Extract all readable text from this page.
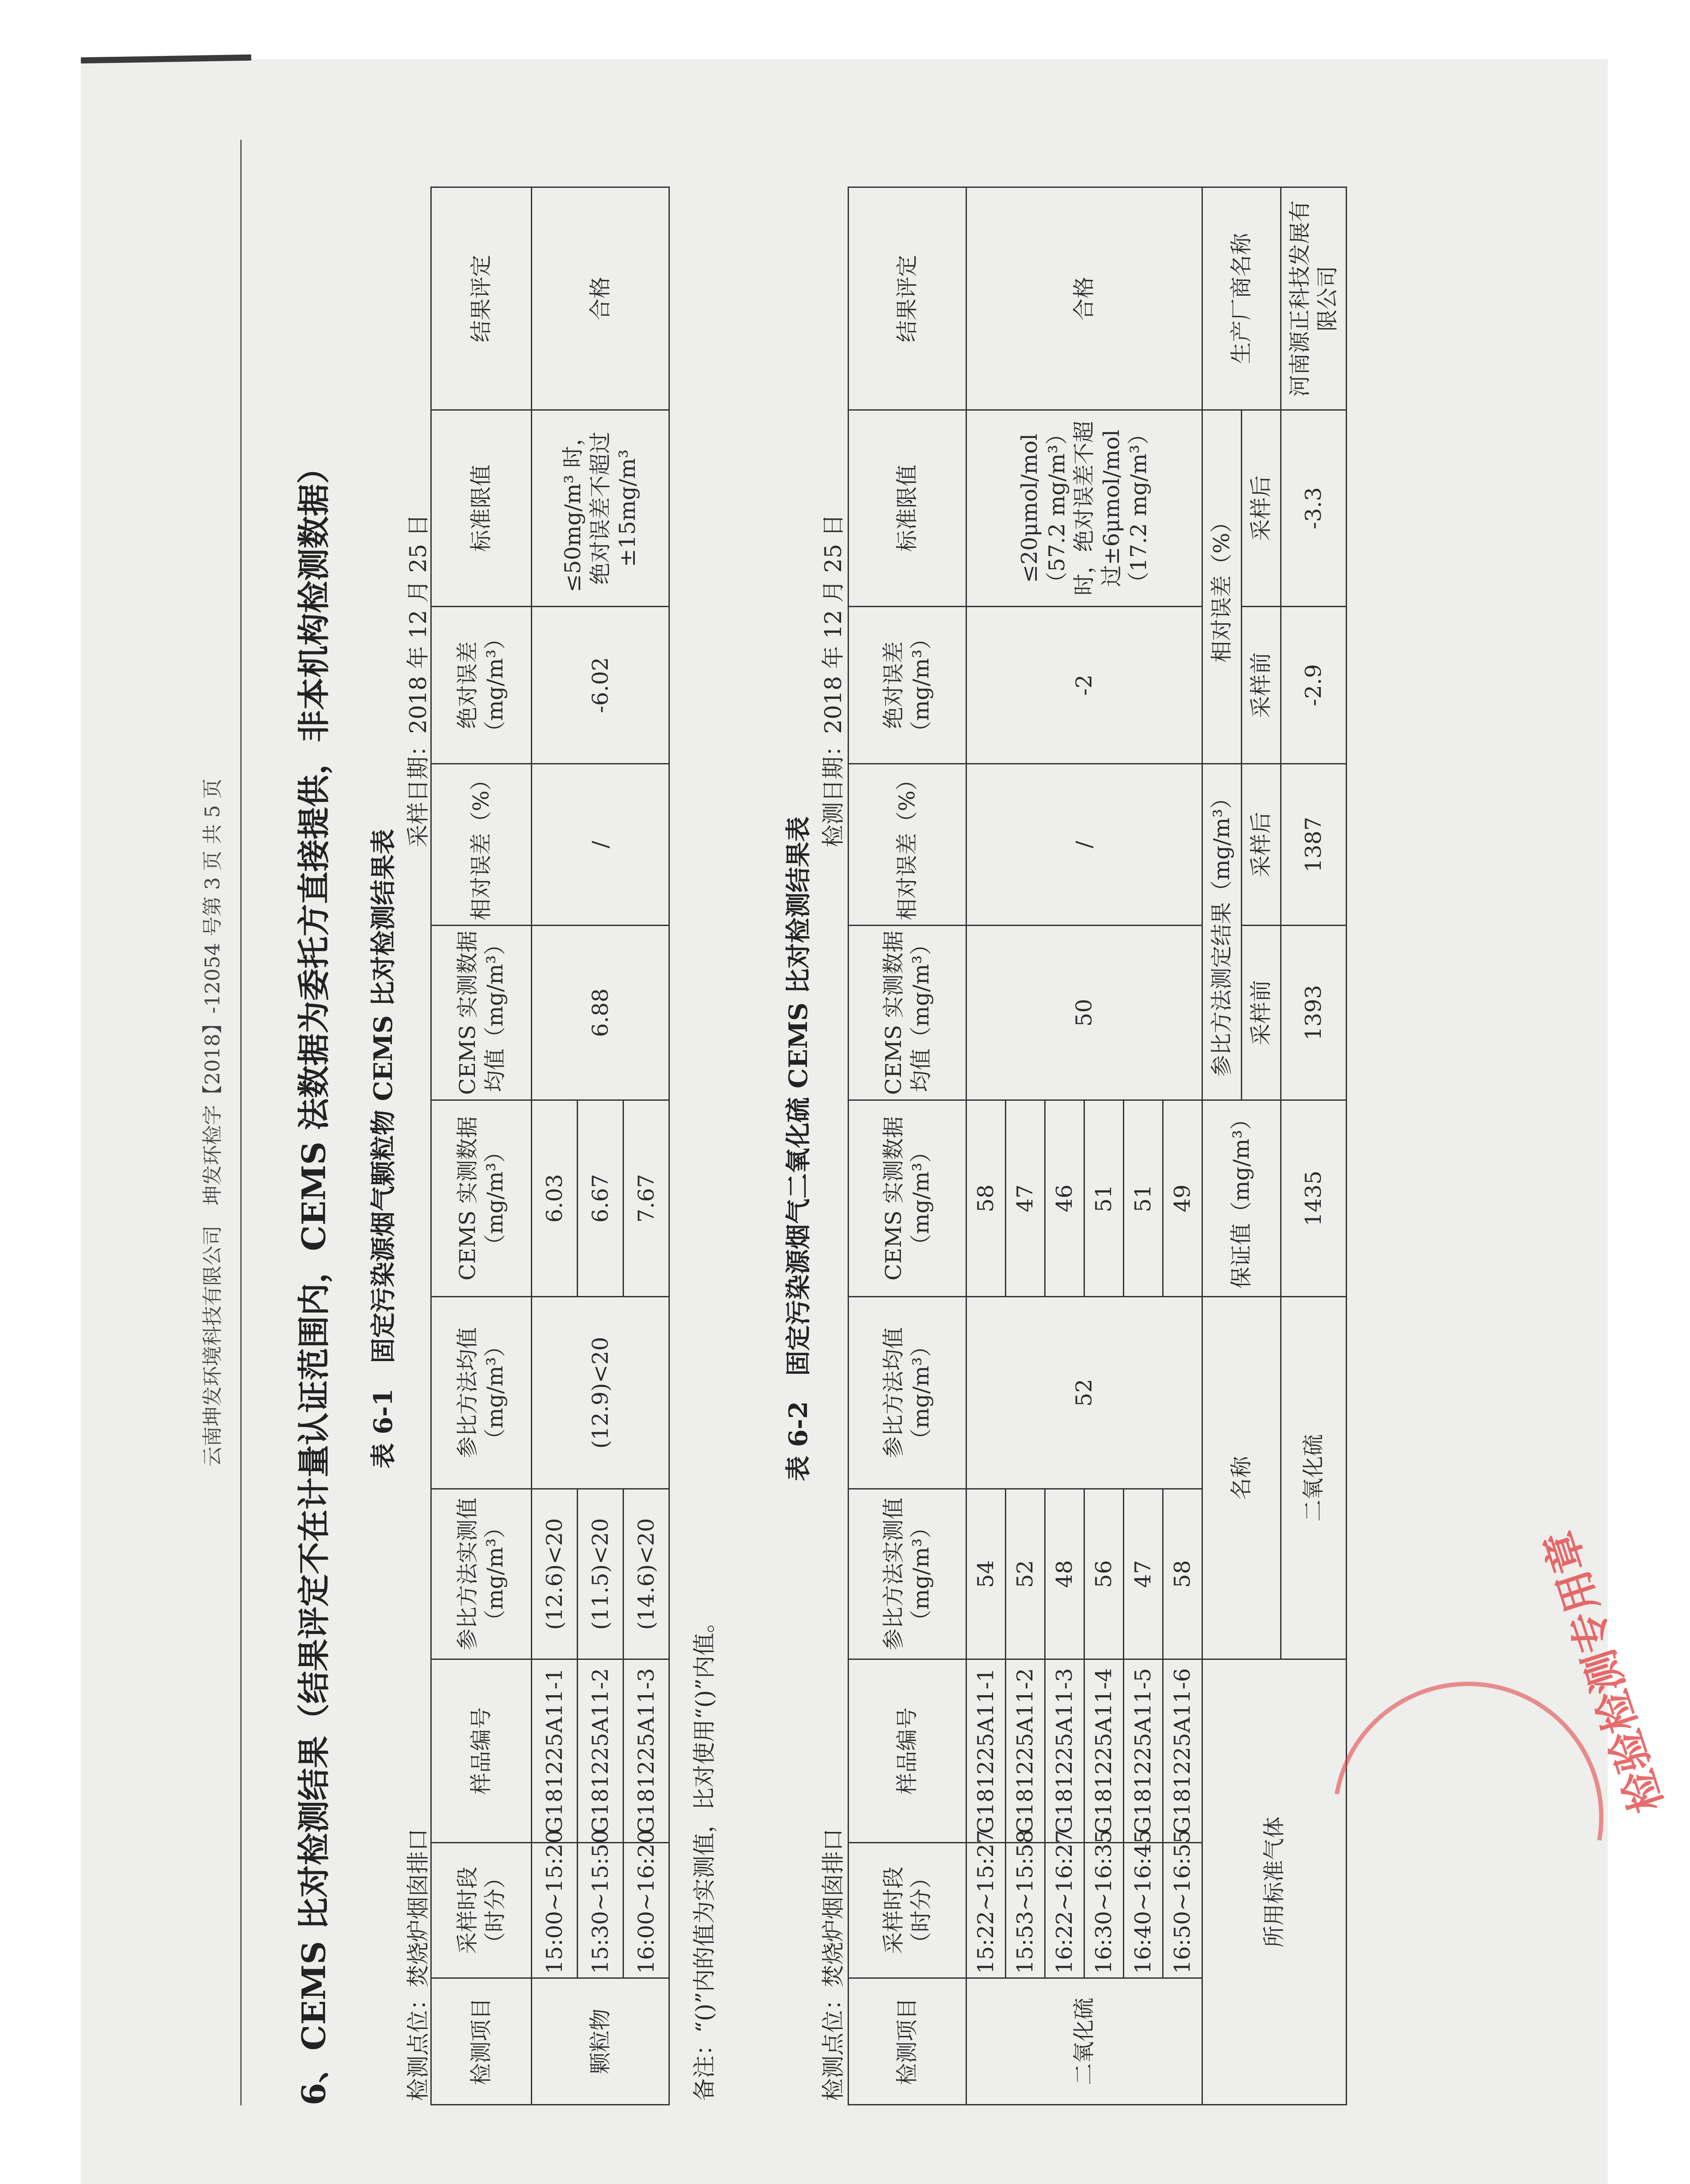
云南坤发环境科技有限公司　坤发环检字【2018】-12054 号第 3 页 共 5 页 6、CEMS 比对检测结果（结果评定不在计量认证范围内，CEMS 法数据为委托方直接提供，非本机构检测数据） 表 6-1　固定污染源烟气颗粒物 CEMS 比对检测结果表
检测点位：焚烧炉烟囱排口
采样日期：2018 年 12 月 25 日
检测项目	采样时段（时分）	样品编号	参比方法实测值（mg/m³）	参比方法均值（mg/m³）	CEMS 实测数据（mg/m³）	CEMS 实测数据均值（mg/m³）	相对误差（%）	绝对误差（mg/m³）	标准限值	结果评定
颗粒物	15:00~15:20	G181225A11-1	(12.6)<20	(12.9)<20	6.03	6.88	/	-6.02	≤50mg/m³ 时，绝对误差不超过±15mg/m³	合格
	15:30~15:50	G181225A11-2	(11.5)<20		6.67					
	16:00~16:20	G181225A11-3	(14.6)<20		7.67					
备注：“()”内的值为实测值，比对使用“()”内值。
表 6-2　固定污染源烟气二氧化硫 CEMS 比对检测结果表
检测点位：焚烧炉烟囱排口
检测日期：2018 年 12 月 25 日
检测项目	采样时段（时分）	样品编号	参比方法实测值（mg/m³）	参比方法均值（mg/m³）	CEMS 实测数据（mg/m³）	CEMS 实测数据均值（mg/m³）	相对误差（%）	绝对误差（mg/m³）	标准限值	结果评定
二氧化硫	15:22~15:27	G181225A11-1	54	52	58	50	/	-2	≤20μmol/mol（57.2 mg/m³）时，绝对误差不超过±6μmol/mol（17.2 mg/m³）	合格
	15:53~15:58	G181225A11-2	52		47					
	16:22~16:27	G181225A11-3	48		46					
	16:30~16:35	G181225A11-4	56		51					
	16:40~16:45	G181225A11-5	47		51					
	16:50~16:55	G181225A11-6	58		49					
所用标准气体			名称		保证值（mg/m³）	参比方法测定结果（mg/m³）		相对误差（%）		生产厂商名称
						采样前	采样后	采样前	采样后	
			二氧化硫		1435	1393	1387	-2.9	-3.3	河南源正科技发展有限公司
检验检测专用章
